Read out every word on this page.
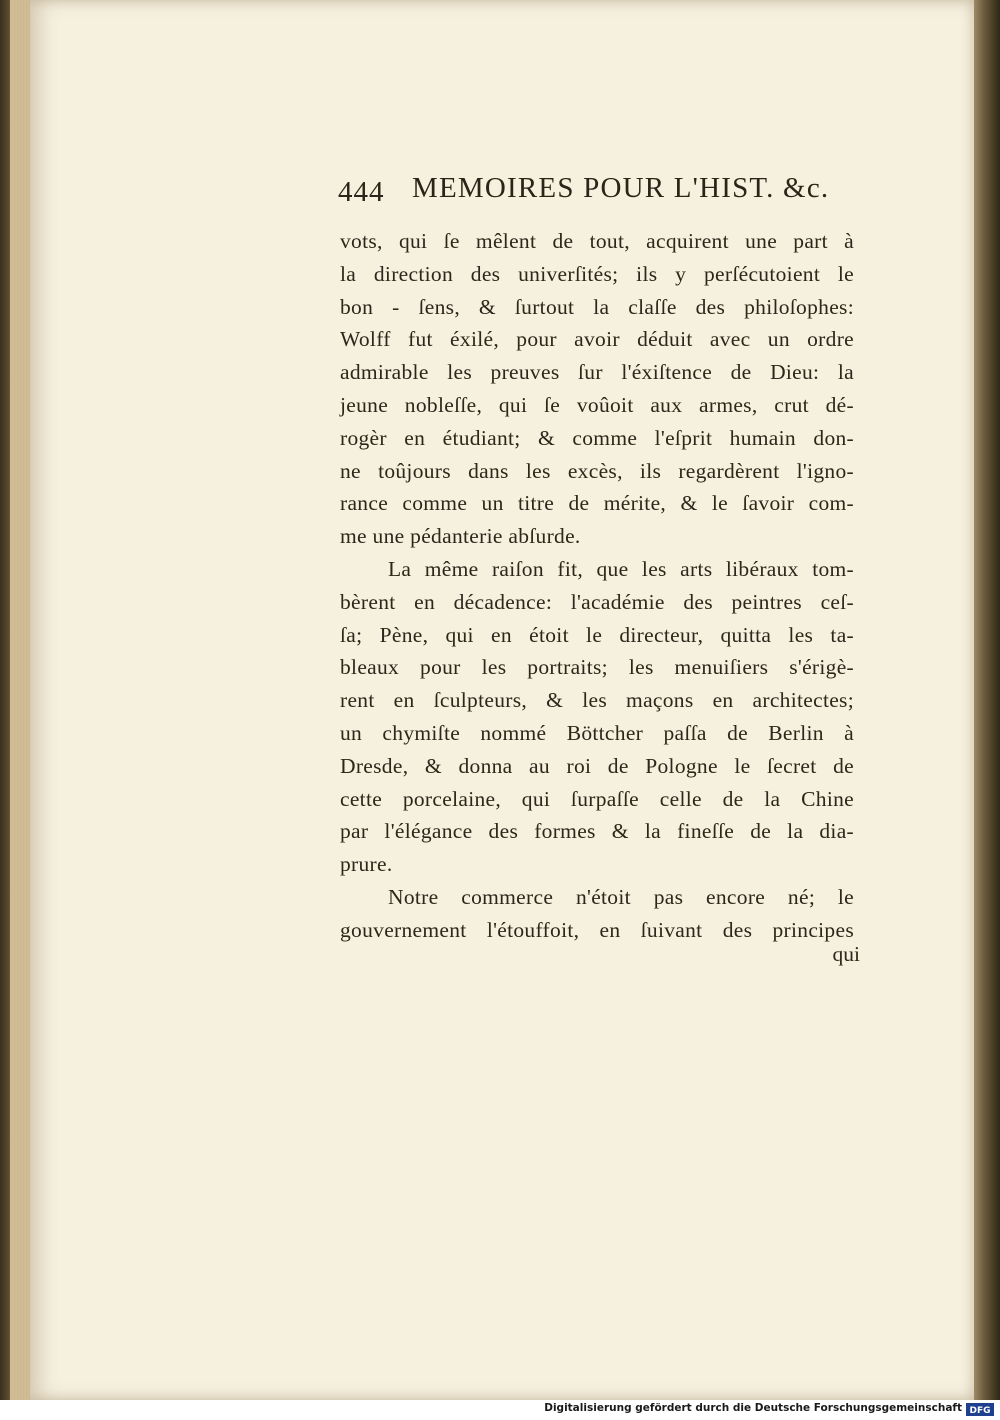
444 MEMOIRES POUR L'HIST. &c.
vots, qui ſe mêlent de tout, acquirent une part à
la direction des univerſités; ils y perſécutoient le
bon - ſens, & ſurtout la claſſe des philoſophes:
Wolff fut éxilé, pour avoir déduit avec un ordre
admirable les preuves ſur l'éxiſtence de Dieu: la
jeune nobleſſe, qui ſe voûoit aux armes, crut dé-
rogèr en étudiant; & comme l'eſprit humain don-
ne toûjours dans les excès, ils regardèrent l'igno-
rance comme un titre de mérite, & le ſavoir com-
me une pédanterie abſurde.
La même raiſon fit, que les arts libéraux tom-
bèrent en décadence: l'académie des peintres ceſ-
ſa; Pène, qui en étoit le directeur, quitta les ta-
bleaux pour les portraits; les menuiſiers s'érigè-
rent en ſculpteurs, & les maçons en architectes;
un chymiſte nommé Böttcher paſſa de Berlin à
Dresde, & donna au roi de Pologne le ſecret de
cette porcelaine, qui ſurpaſſe celle de la Chine
par l'élégance des formes & la fineſſe de la dia-
prure.
Notre commerce n'étoit pas encore né; le
gouvernement l'étouffoit, en ſuivant des principes
qui
Digitalisierung gefördert durch die Deutsche Forschungsgemeinschaft DFG
